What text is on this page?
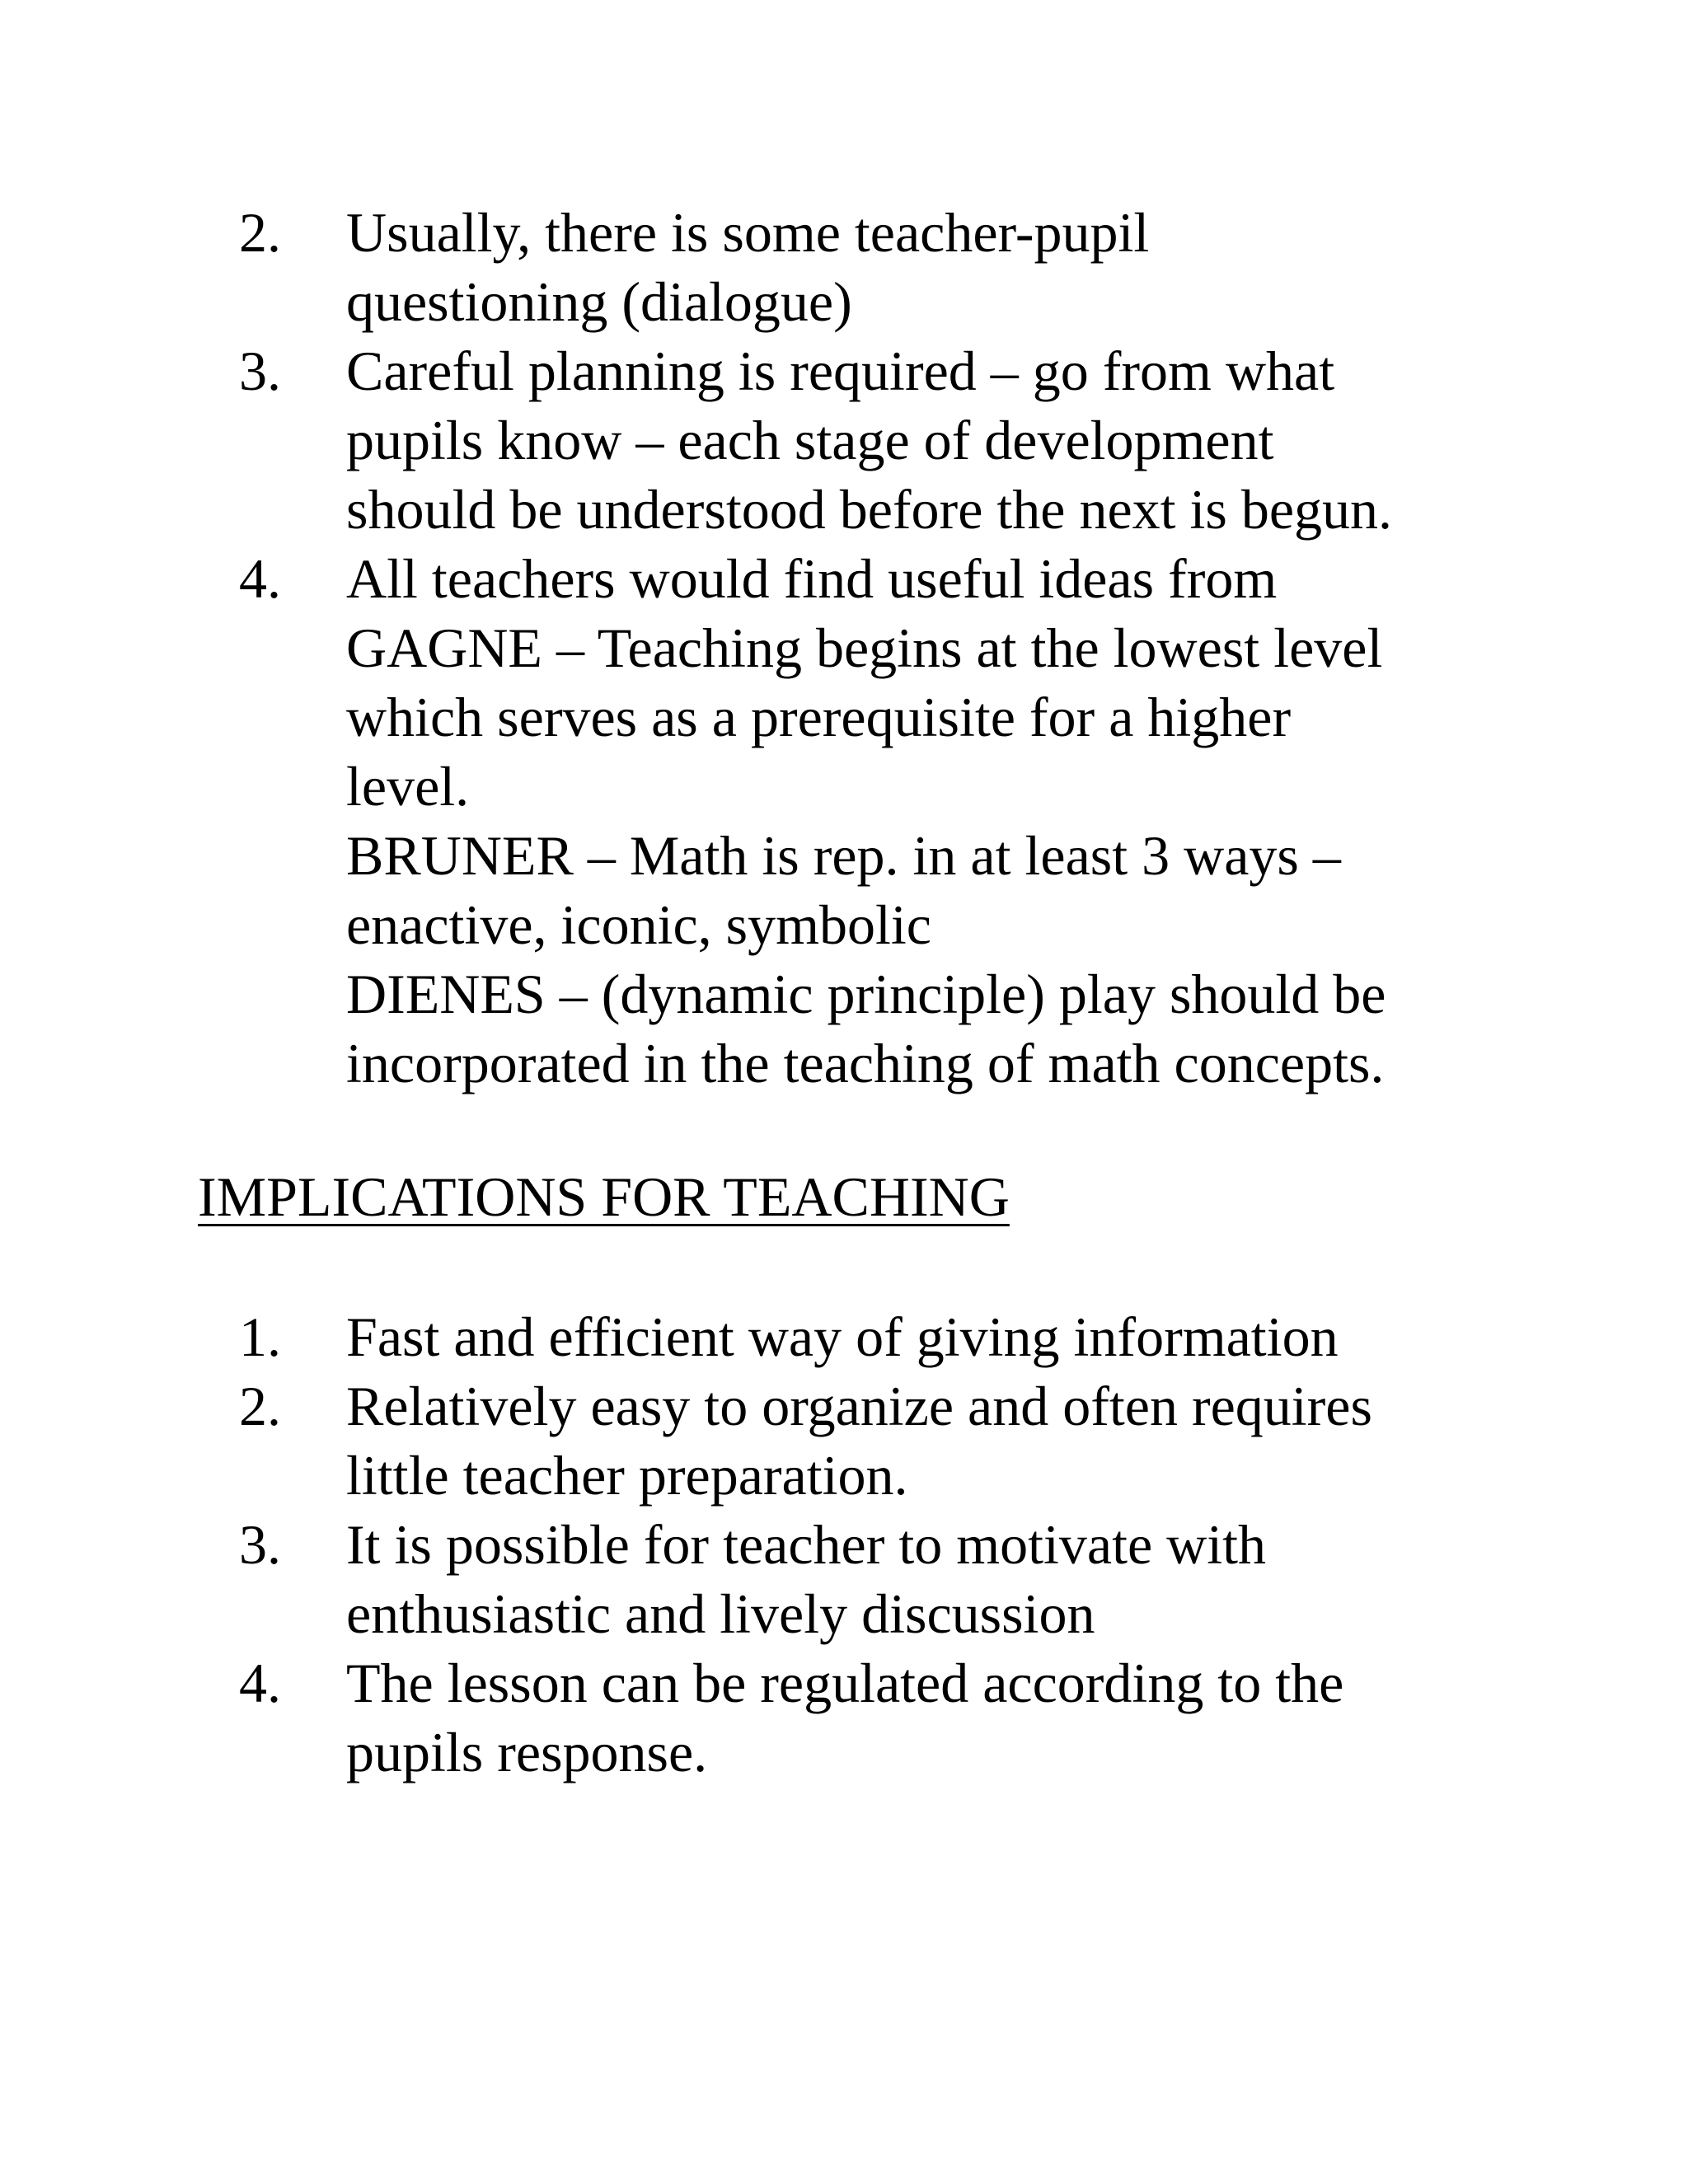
2.	Usually, there is some teacher-pupil
questioning (dialogue)
3.	Careful planning is required – go from what
pupils know – each stage of development
should be understood before the next is begun.
4.	All teachers would find useful ideas from
GAGNE – Teaching begins at the lowest level
which serves as a prerequisite for a higher
level.
BRUNER – Math is rep. in at least 3 ways –
enactive, iconic, symbolic
DIENES – (dynamic principle) play should be
incorporated in the teaching of math concepts.
IMPLICATIONS FOR TEACHING
1.	Fast and efficient way of giving information
2.	Relatively easy to organize and often requires
little teacher preparation.
3.	It is possible for teacher to motivate with
enthusiastic and lively discussion
4.	The lesson can be regulated according to the
pupils response.
